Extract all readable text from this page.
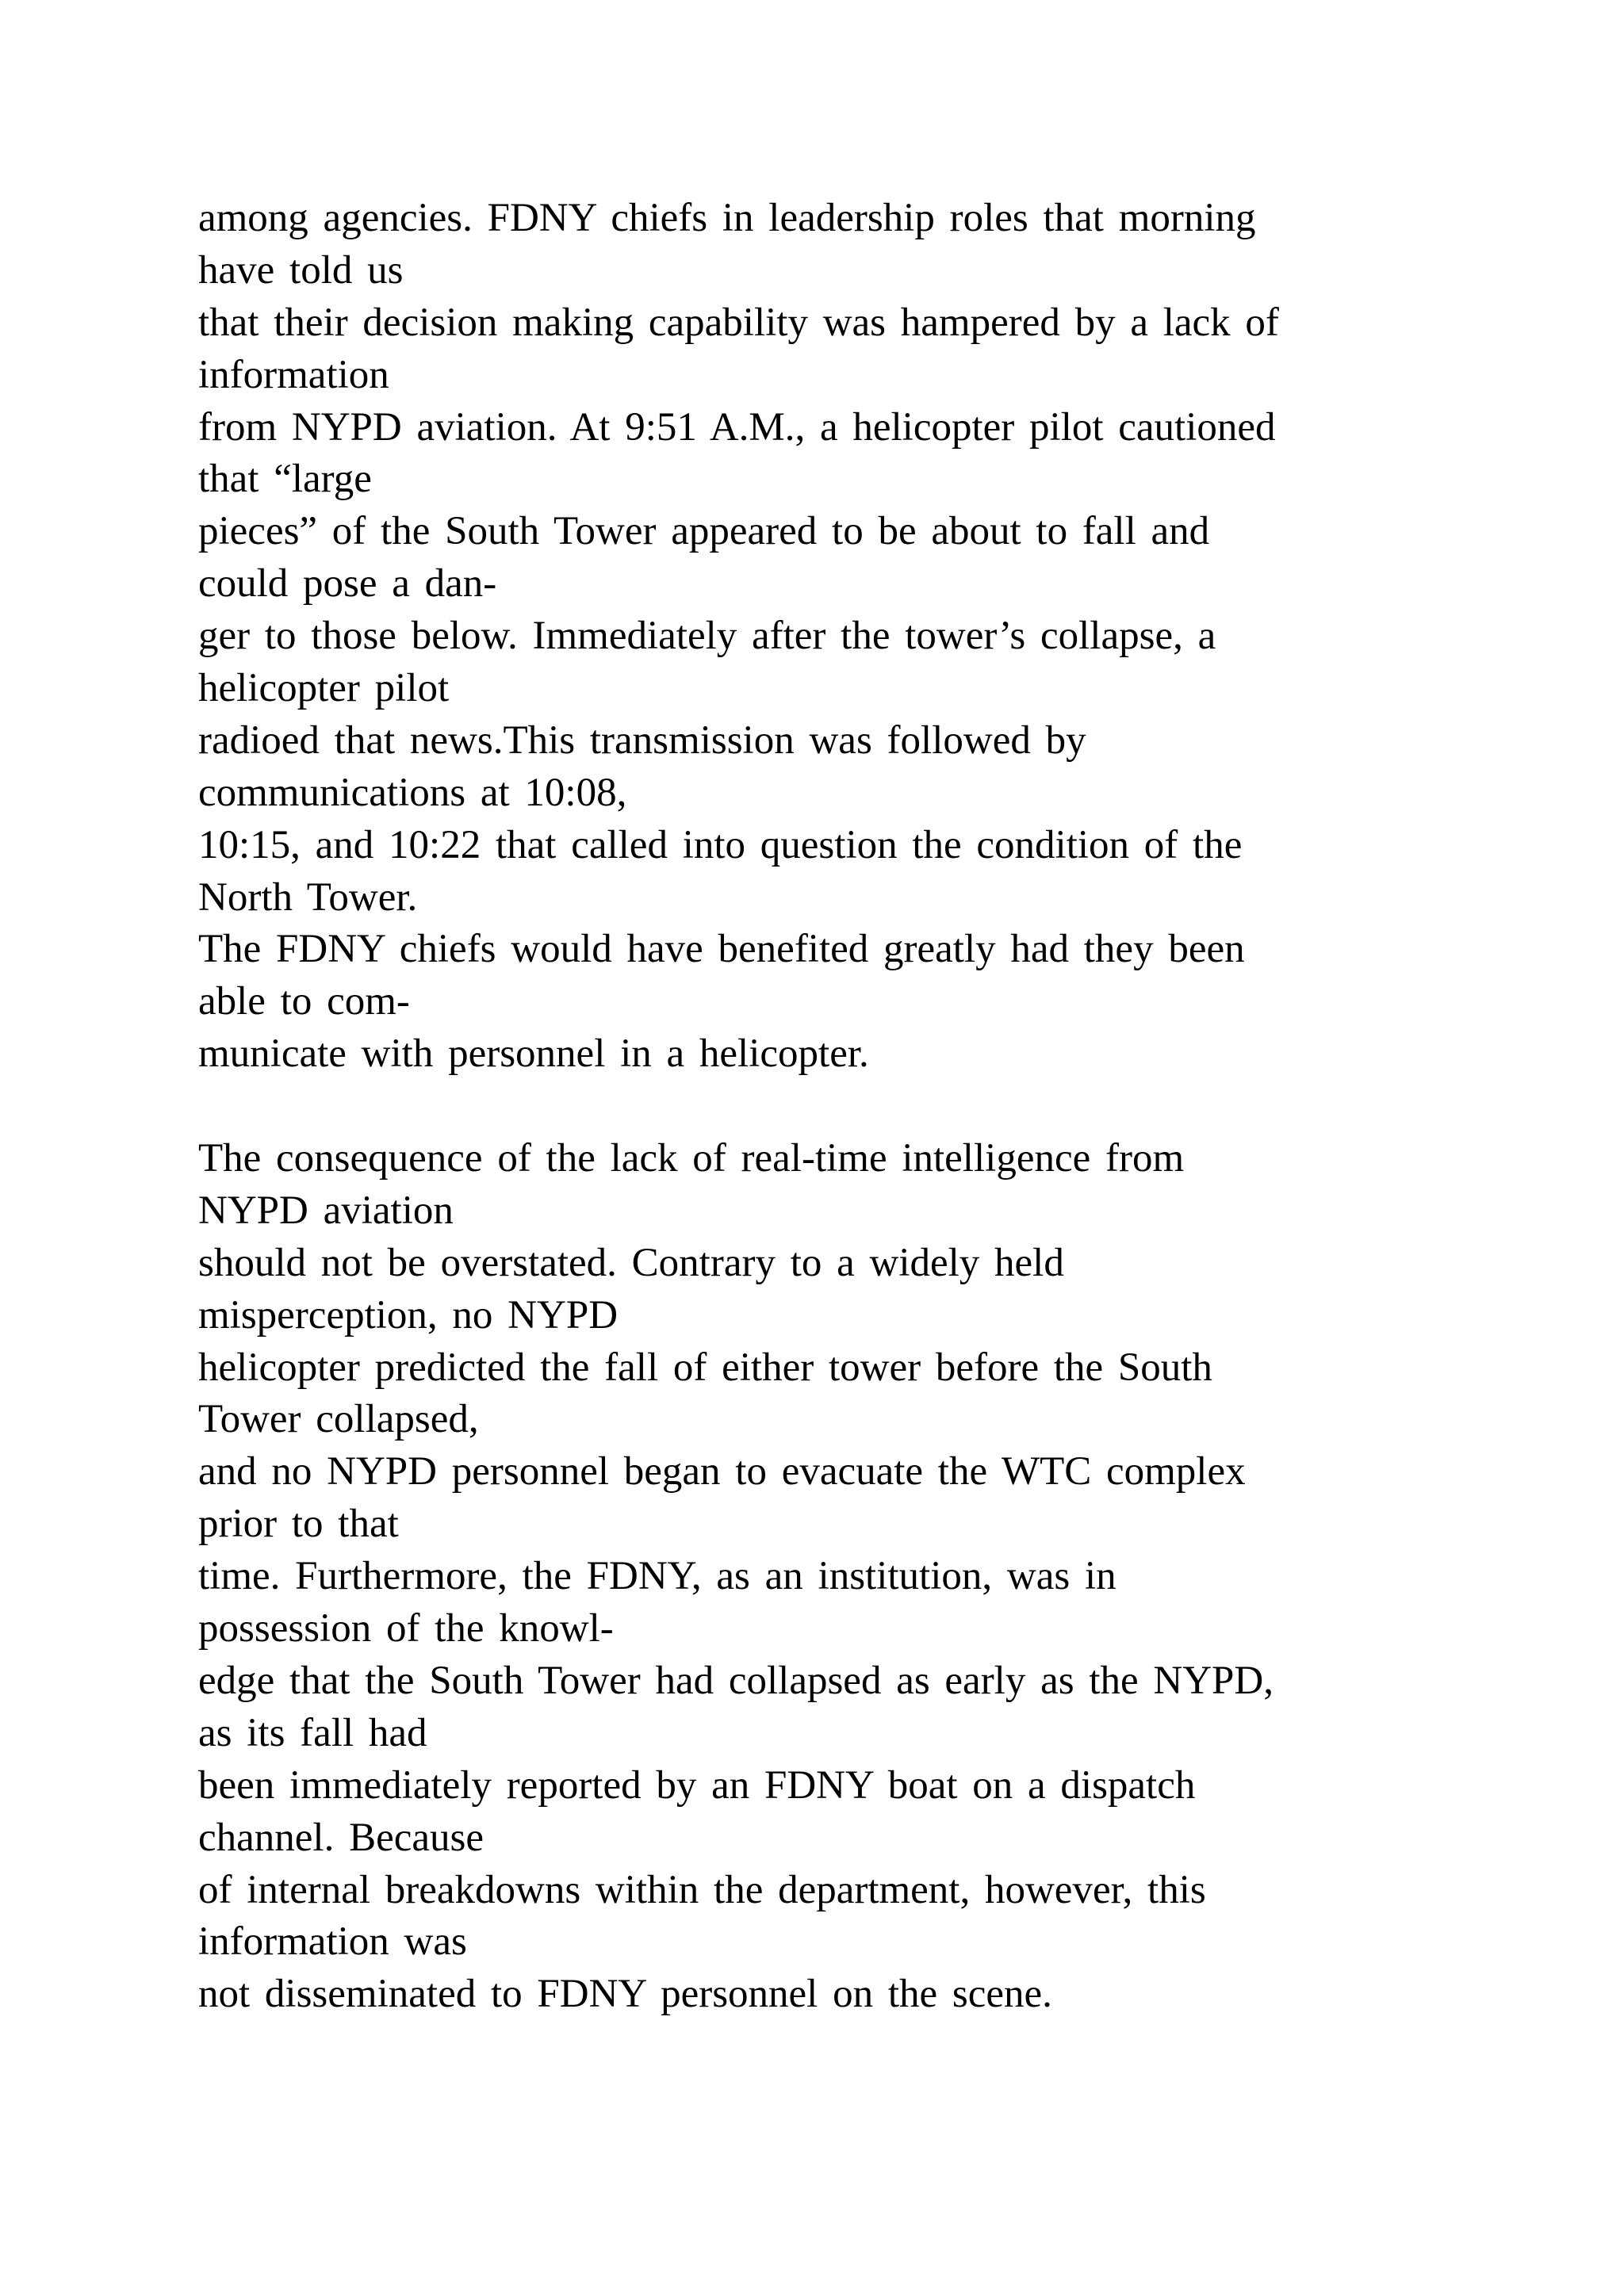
among agencies. FDNY chiefs in leadership roles that morning
have told us
that their decision making capability was hampered by a lack of
information
from NYPD aviation. At 9:51 A.M., a helicopter pilot cautioned
that “large
pieces” of the South Tower appeared to be about to fall and
could pose a dan-
ger to those below. Immediately after the tower’s collapse, a
helicopter pilot
radioed that news.This transmission was followed by
communications at 10:08,
10:15, and 10:22 that called into question the condition of the
North Tower.
The FDNY chiefs would have benefited greatly had they been
able to com-
municate with personnel in a helicopter.
The consequence of the lack of real-time intelligence from
NYPD aviation
should not be overstated. Contrary to a widely held
misperception, no NYPD
helicopter predicted the fall of either tower before the South
Tower collapsed,
and no NYPD personnel began to evacuate the WTC complex
prior to that
time. Furthermore, the FDNY, as an institution, was in
possession of the knowl-
edge that the South Tower had collapsed as early as the NYPD,
as its fall had
been immediately reported by an FDNY boat on a dispatch
channel. Because
of internal breakdowns within the department, however, this
information was
not disseminated to FDNY personnel on the scene.
